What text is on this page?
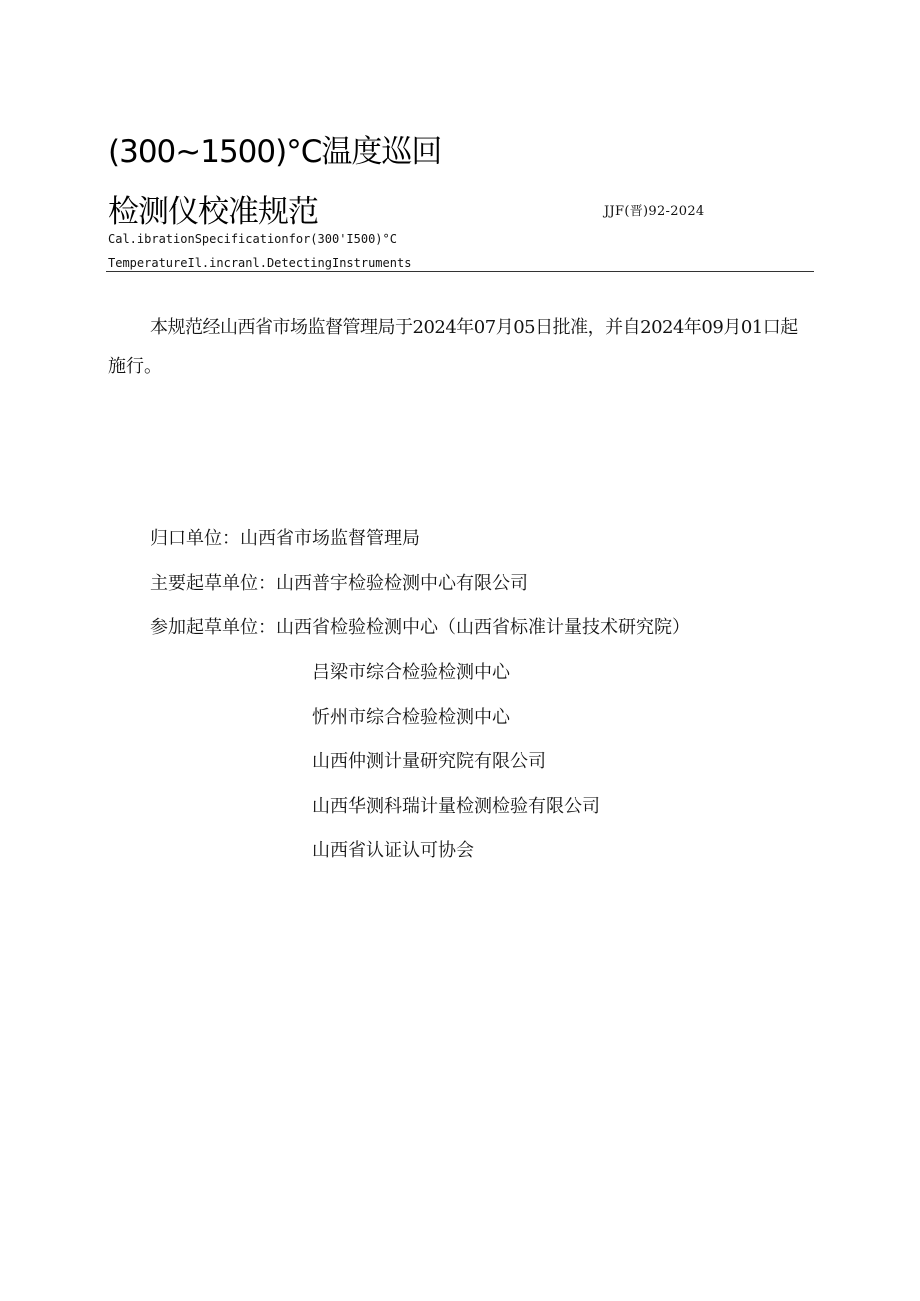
(300~1500)°C温度巡回
检测仪校准规范	JJF(晋)92-2024
Cal.ibrationSpecificationfor(300'I500)°C
TemperatureIl.incranl.DetectingInstruments
本规范经山西省市场监督管理局于2024年07月05日批准，并自2024年09月01口起
施行。
归口单位：山西省市场监督管理局
主要起草单位：山西普宇检验检测中心有限公司
参加起草单位：山西省检验检测中心（山西省标准计量技术研究院）
吕梁市综合检验检测中心
忻州市综合检验检测中心
山西仲测计量研究院有限公司
山西华测科瑞计量检测检验有限公司
山西省认证认可协会
